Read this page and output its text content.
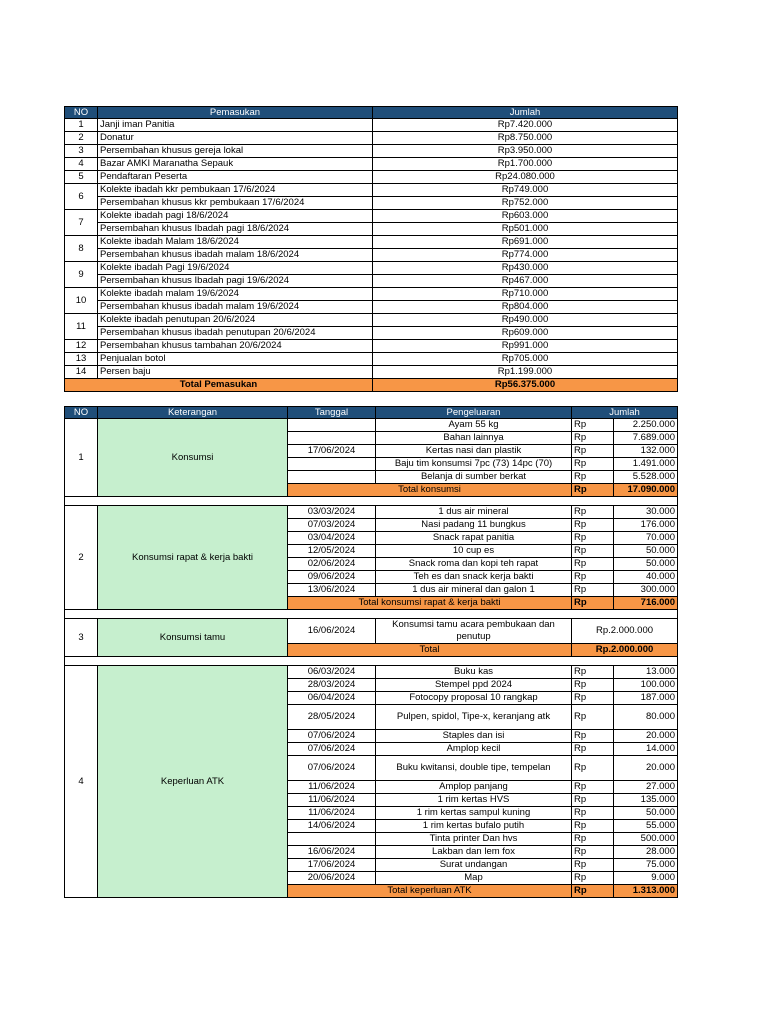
NO	Pemasukan	Jumlah
1	Janji iman Panitia	Rp7.420.000
2	Donatur	Rp8.750.000
3	Persembahan khusus gereja lokal	Rp3.950.000
4	Bazar AMKI Maranatha Sepauk	Rp1.700.000
5	Pendaftaran Peserta	Rp24.080.000
6	Kolekte ibadah kkr pembukaan 17/6/2024	Rp749.000
	Persembahan khusus kkr pembukaan 17/6/2024	Rp752.000
7	Kolekte ibadah pagi 18/6/2024	Rp603.000
	Persembahan khusus Ibadah pagi 18/6/2024	Rp501.000
8	Kolekte ibadah Malam 18/6/2024	Rp691.000
	Persembahan khusus ibadah malam 18/6/2024	Rp774.000
9	Kolekte ibadah Pagi 19/6/2024	Rp430.000
	Persembahan khusus Ibadah pagi 19/6/2024	Rp467.000
10	Kolekte ibadah malam 19/6/2024	Rp710.000
	Persembahan khusus ibadah malam 19/6/2024	Rp804.000
11	Kolekte ibadah penutupan 20/6/2024	Rp490.000
	Persembahan khusus ibadah penutupan 20/6/2024	Rp609.000
12	Persembahan khusus tambahan 20/6/2024	Rp991.000
13	Penjualan botol	Rp705.000
14	Persen baju	Rp1.199.000
Total Pemasukan		Rp56.375.000
NO	Keterangan	Tanggal	Pengeluaran	Jumlah	
1	Konsumsi		Ayam 55 kg	Rp	2.250.000
			Bahan lainnya	Rp	7.689.000
		17/06/2024	Kertas nasi dan plastik	Rp	132.000
			Baju tim konsumsi 7pc (73) 14pc (70)	Rp	1.491.000
			Belanja di sumber berkat	Rp	5.528.000
		Total konsumsi		Rp	17.090.000

2	Konsumsi rapat & kerja bakti	03/03/2024	1 dus air mineral	Rp	30.000
		07/03/2024	Nasi padang 11 bungkus	Rp	176.000
		03/04/2024	Snack rapat panitia	Rp	70.000
		12/05/2024	10 cup es	Rp	50.000
		02/06/2024	Snack roma dan kopi teh rapat	Rp	50.000
		09/06/2024	Teh es dan snack kerja bakti	Rp	40.000
		13/06/2024	1 dus air mineral dan galon 1	Rp	300.000
		Total konsumsi rapat & kerja bakti		Rp	716.000

3	Konsumsi tamu	16/06/2024	Konsumsi tamu acara pembukaan dan penutup	Rp.2.000.000	
		Total		Rp.2.000.000	

4	Keperluan ATK	06/03/2024	Buku kas	Rp	13.000
		28/03/2024	Stempel ppd 2024	Rp	100.000
		06/04/2024	Fotocopy proposal 10 rangkap	Rp	187.000
		28/05/2024	Pulpen, spidol, Tipe-x, keranjang atk	Rp	80.000
		07/06/2024	Staples dan isi	Rp	20.000
		07/06/2024	Amplop kecil	Rp	14.000
		07/06/2024	Buku kwitansi, double tipe, tempelan	Rp	20.000
		11/06/2024	Amplop panjang	Rp	27.000
		11/06/2024	1 rim kertas HVS	Rp	135.000
		11/06/2024	1 rim kertas sampul kuning	Rp	50.000
		14/06/2024	1 rim kertas bufalo putih	Rp	55.000
			Tinta printer Dan hvs	Rp	500.000
		16/06/2024	Lakban dan lem fox	Rp	28.000
		17/06/2024	Surat undangan	Rp	75.000
		20/06/2024	Map	Rp	9.000
		Total keperluan ATK		Rp	1.313.000
